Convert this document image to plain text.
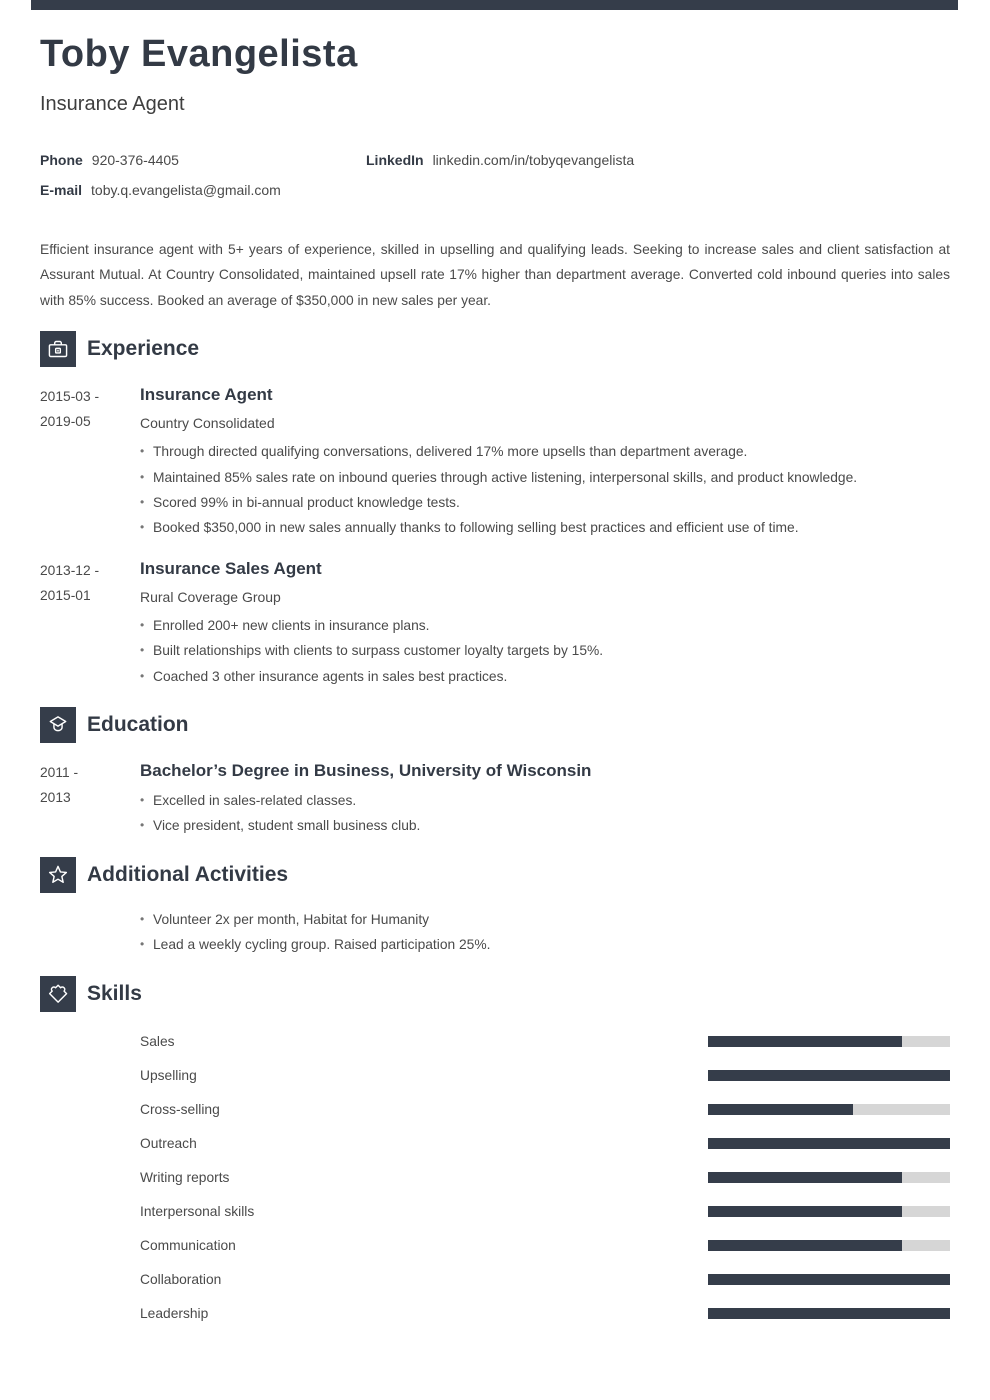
Toby Evangelista
Insurance Agent
Phone 920-376-4405	LinkedIn linkedin.com/in/tobyqevangelista
E-mail toby.q.evangelista@gmail.com
Efficient insurance agent with 5+ years of experience, skilled in upselling and qualifying leads. Seeking to increase sales and client satisfaction at Assurant Mutual. At Country Consolidated, maintained upsell rate 17% higher than department average. Converted cold inbound queries into sales with 85% success. Booked an average of $350,000 in new sales per year.
Experience
2015-03 -
2019-05
Insurance Agent
Country Consolidated
• Through directed qualifying conversations, delivered 17% more upsells than department average.
• Maintained 85% sales rate on inbound queries through active listening, interpersonal skills, and product knowledge.
• Scored 99% in bi-annual product knowledge tests.
• Booked $350,000 in new sales annually thanks to following selling best practices and efficient use of time.
2013-12 -
2015-01
Insurance Sales Agent
Rural Coverage Group
• Enrolled 200+ new clients in insurance plans.
• Built relationships with clients to surpass customer loyalty targets by 15%.
• Coached 3 other insurance agents in sales best practices.
Education
2011 -
2013
Bachelor’s Degree in Business, University of Wisconsin
• Excelled in sales-related classes.
• Vice president, student small business club.
Additional Activities
• Volunteer 2x per month, Habitat for Humanity
• Lead a weekly cycling group. Raised participation 25%.
Skills
Sales
Upselling
Cross-selling
Outreach
Writing reports
Interpersonal skills
Communication
Collaboration
Leadership
